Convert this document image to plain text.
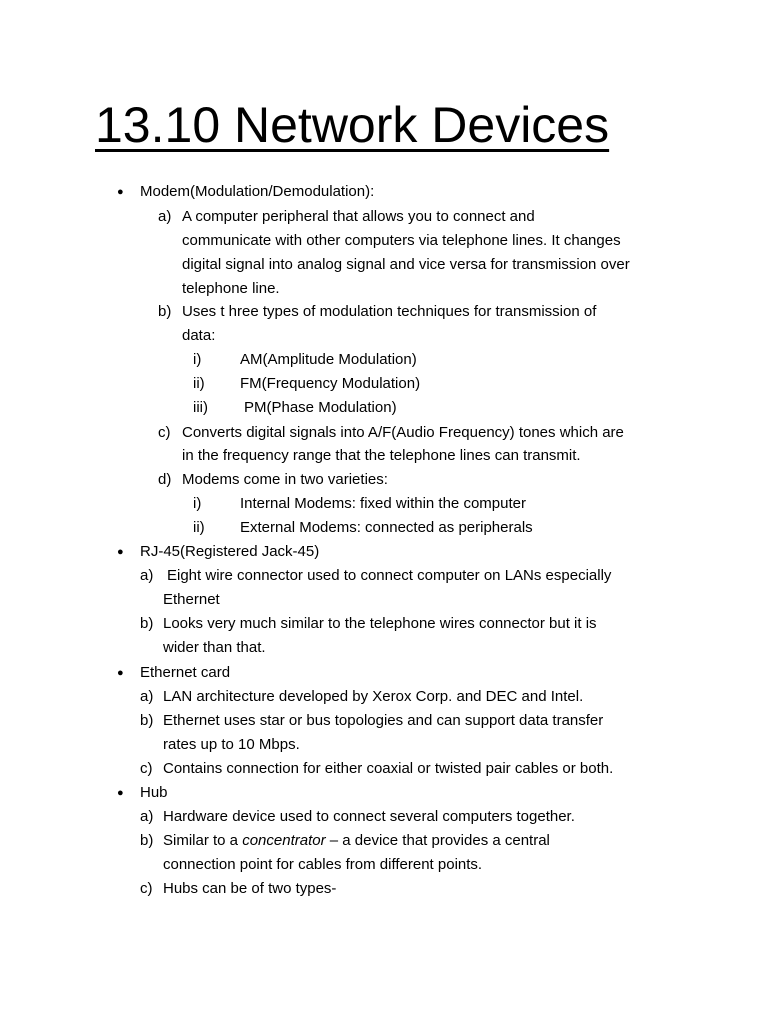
13.10 Network Devices
● Modem(Modulation/Demodulation):
a) A computer peripheral that allows you to connect and
communicate with other computers via telephone lines. It changes
digital signal into analog signal and vice versa for transmission over
telephone line.
b) Uses t hree types of modulation techniques for transmission of
data:
i)	AM(Amplitude Modulation)
ii) FM(Frequency Modulation)
iii) PM(Phase Modulation)
c) Converts digital signals into A/F(Audio Frequency) tones which are
in the frequency range that the telephone lines can transmit.
d) Modems come in two varieties:
i)	Internal Modems: fixed within the computer
ii) External Modems: connected as peripherals
● RJ-45(Registered Jack-45)
a) Eight wire connector used to connect computer on LANs especially
Ethernet
b) Looks very much similar to the telephone wires connector but it is
wider than that.
● Ethernet card
a) LAN architecture developed by Xerox Corp. and DEC and Intel.
b) Ethernet uses star or bus topologies and can support data transfer
rates up to 10 Mbps.
c) Contains connection for either coaxial or twisted pair cables or both.
● Hub
a) Hardware device used to connect several computers together.
b) Similar to a concentrator – a device that provides a central
connection point for cables from different points.
c) Hubs can be of two types-
